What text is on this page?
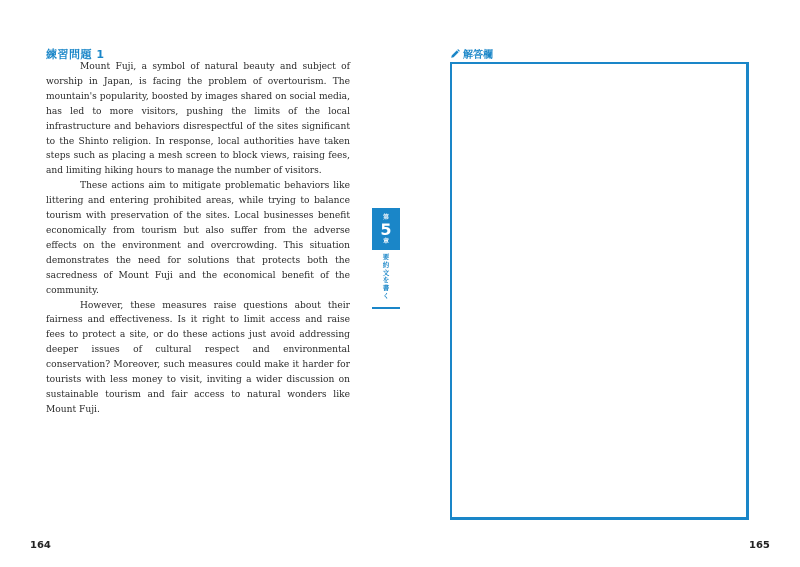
練習問題 1

Mount Fuji, a symbol of natural beauty and subject of worship in Japan, is facing the problem of overtourism. The mountain's popularity, boosted by images shared on social media, has led to more visitors, pushing the limits of the local infrastructure and behaviors disrespectful of the sites significant to the Shinto religion. In response, local authorities have taken steps such as placing a mesh screen to block views, raising fees, and limiting hiking hours to manage the number of visitors.

These actions aim to mitigate problematic behaviors like littering and entering prohibited areas, while trying to balance tourism with preservation of the sites. Local businesses benefit economically from tourism but also suffer from the adverse effects on the environment and overcrowding. This situation demonstrates the need for solutions that protects both the sacredness of Mount Fuji and the economical benefit of the community.

However, these measures raise questions about their fairness and effectiveness. Is it right to limit access and raise fees to protect a site, or do these actions just avoid addressing deeper issues of cultural respect and environmental conservation? Moreover, such measures could make it harder for tourists with less money to visit, inviting a wider discussion on sustainable tourism and fair access to natural wonders like Mount Fuji.

164
解答欄
165
第
5
章
要
約
文
を
書
く
